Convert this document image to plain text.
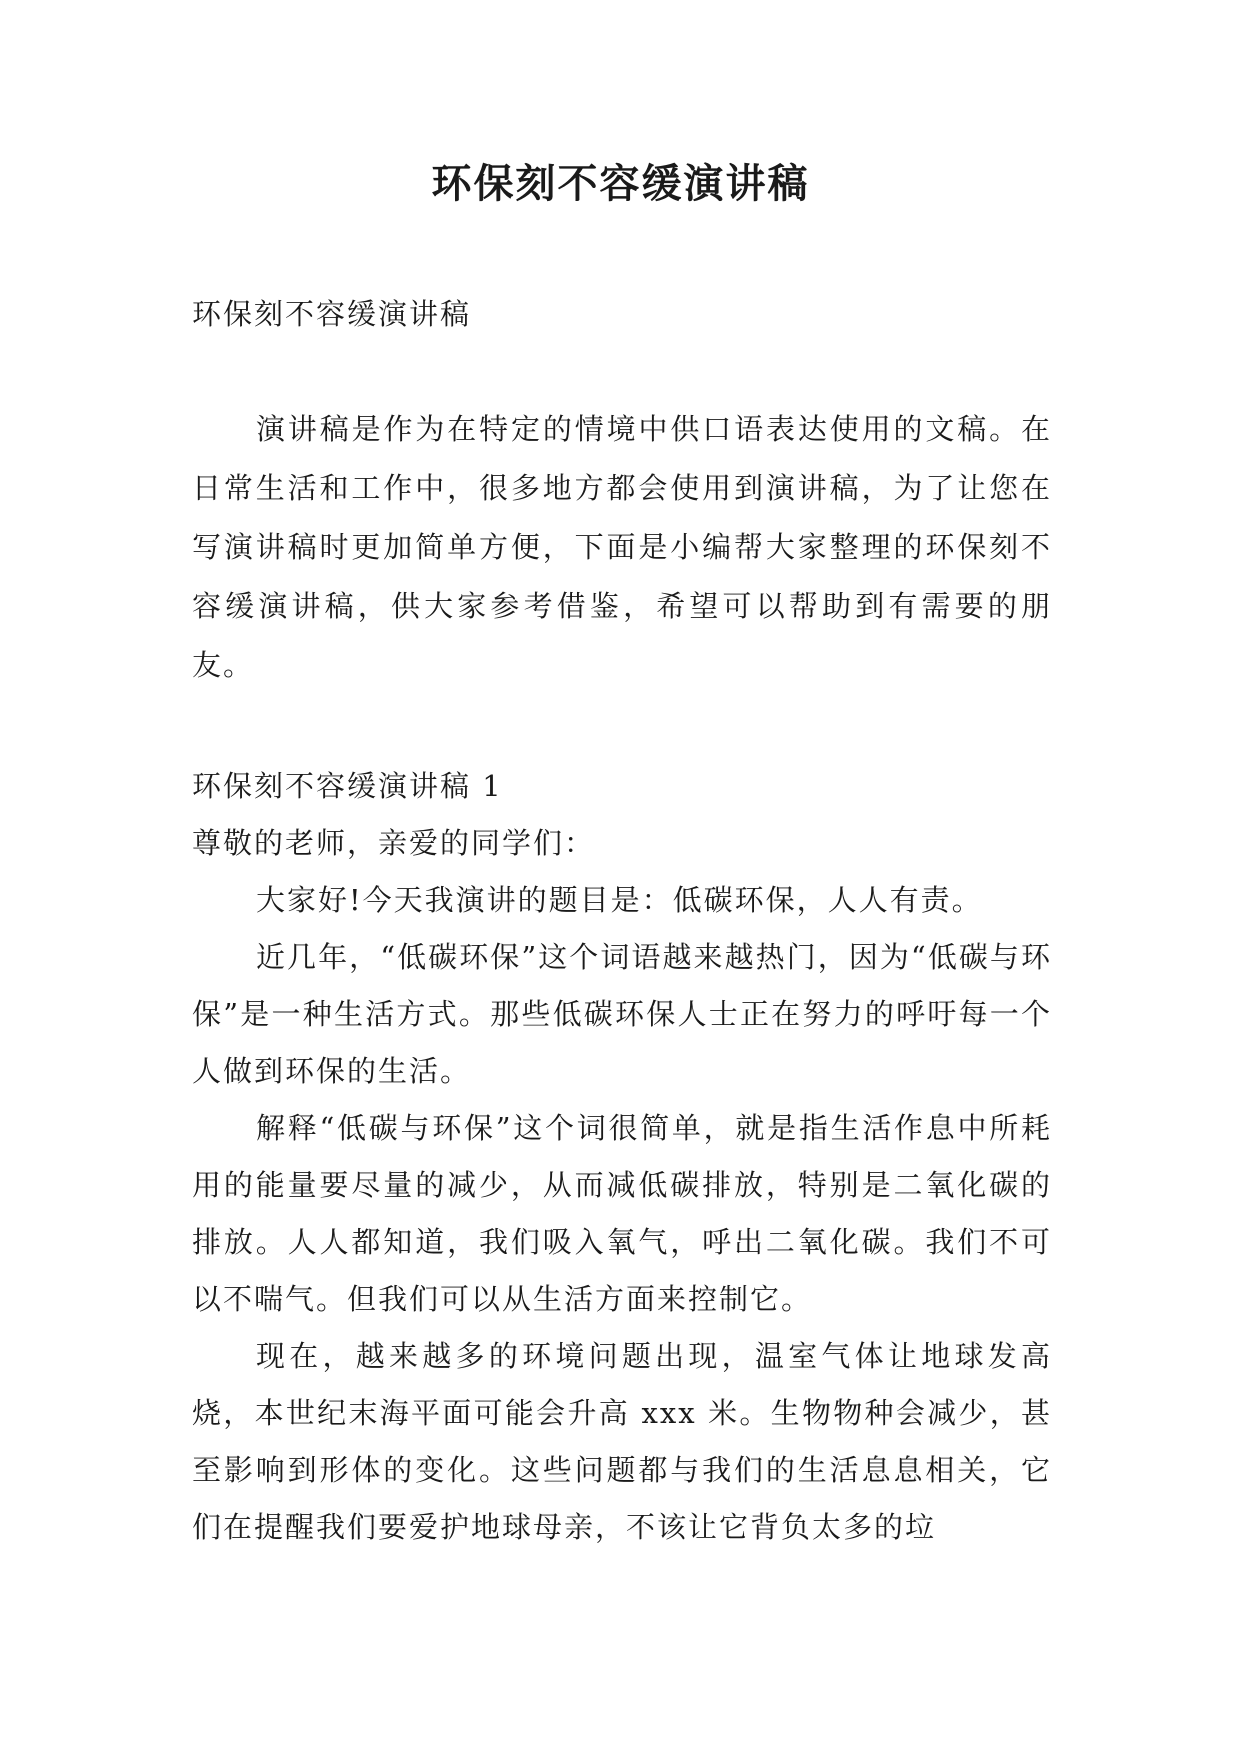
环保刻不容缓演讲稿

环保刻不容缓演讲稿

演讲稿是作为在特定的情境中供口语表达使用的文稿。在日常生活和工作中，很多地方都会使用到演讲稿，为了让您在写演讲稿时更加简单方便，下面是小编帮大家整理的环保刻不容缓演讲稿，供大家参考借鉴，希望可以帮助到有需要的朋友。

环保刻不容缓演讲稿 1

尊敬的老师，亲爱的同学们：

大家好!今天我演讲的题目是：低碳环保，人人有责。

近几年，“低碳环保”这个词语越来越热门，因为“低碳与环保”是一种生活方式。那些低碳环保人士正在努力的呼吁每一个人做到环保的生活。

解释“低碳与环保”这个词很简单，就是指生活作息中所耗用的能量要尽量的减少，从而减低碳排放，特别是二氧化碳的排放。人人都知道，我们吸入氧气，呼出二氧化碳。我们不可以不喘气。但我们可以从生活方面来控制它。

现在，越来越多的环境问题出现，温室气体让地球发高烧，本世纪末海平面可能会升高 xxx 米。生物物种会减少，甚至影响到形体的变化。这些问题都与我们的生活息息相关，它们在提醒我们要爱护地球母亲，不该让它背负太多的垃
